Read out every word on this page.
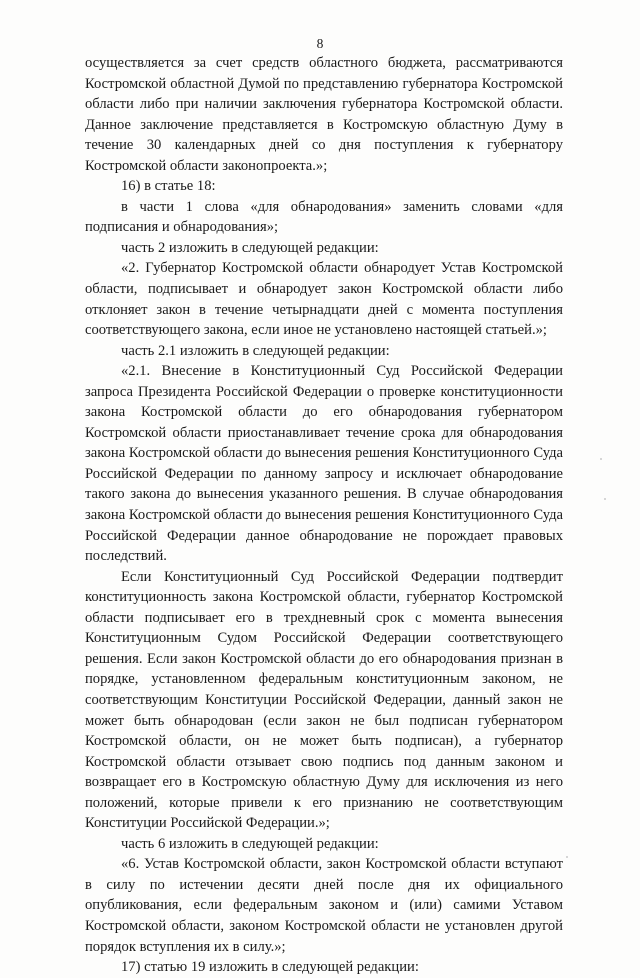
8

осуществляется за счет средств областного бюджета, рассматриваются Костромской областной Думой по представлению губернатора Костромской области либо при наличии заключения губернатора Костромской области. Данное заключение представляется в Костромскую областную Думу в течение 30 календарных дней со дня поступления к губернатору Костромской области законопроекта.»;

16) в статье 18:

в части 1 слова «для обнародования» заменить словами «для подписания и обнародования»;

часть 2 изложить в следующей редакции:

«2. Губернатор Костромской области обнародует Устав Костромской области, подписывает и обнародует закон Костромской области либо отклоняет закон в течение четырнадцати дней с момента поступления соответствующего закона, если иное не установлено настоящей статьей.»;

часть 2.1 изложить в следующей редакции:

«2.1. Внесение в Конституционный Суд Российской Федерации запроса Президента Российской Федерации о проверке конституционности закона Костромской области до его обнародования губернатором Костромской области приостанавливает течение срока для обнародования закона Костромской области до вынесения решения Конституционного Суда Российской Федерации по данному запросу и исключает обнародование такого закона до вынесения указанного решения. В случае обнародования закона Костромской области до вынесения решения Конституционного Суда Российской Федерации данное обнародование не порождает правовых последствий.

Если Конституционный Суд Российской Федерации подтвердит конституционность закона Костромской области, губернатор Костромской области подписывает его в трехдневный срок с момента вынесения Конституционным Судом Российской Федерации соответствующего решения. Если закон Костромской области до его обнародования признан в порядке, установленном федеральным конституционным законом, не соответствующим Конституции Российской Федерации, данный закон не может быть обнародован (если закон не был подписан губернатором Костромской области, он не может быть подписан), а губернатор Костромской области отзывает свою подпись под данным законом и возвращает его в Костромскую областную Думу для исключения из него положений, которые привели к его признанию не соответствующим Конституции Российской Федерации.»;

часть 6 изложить в следующей редакции:

«6. Устав Костромской области, закон Костромской области вступают в силу по истечении десяти дней после дня их официального опубликования, если федеральным законом и (или) самими Уставом Костромской области, законом Костромской области не установлен другой порядок вступления их в силу.»;

17) статью 19 изложить в следующей редакции:
